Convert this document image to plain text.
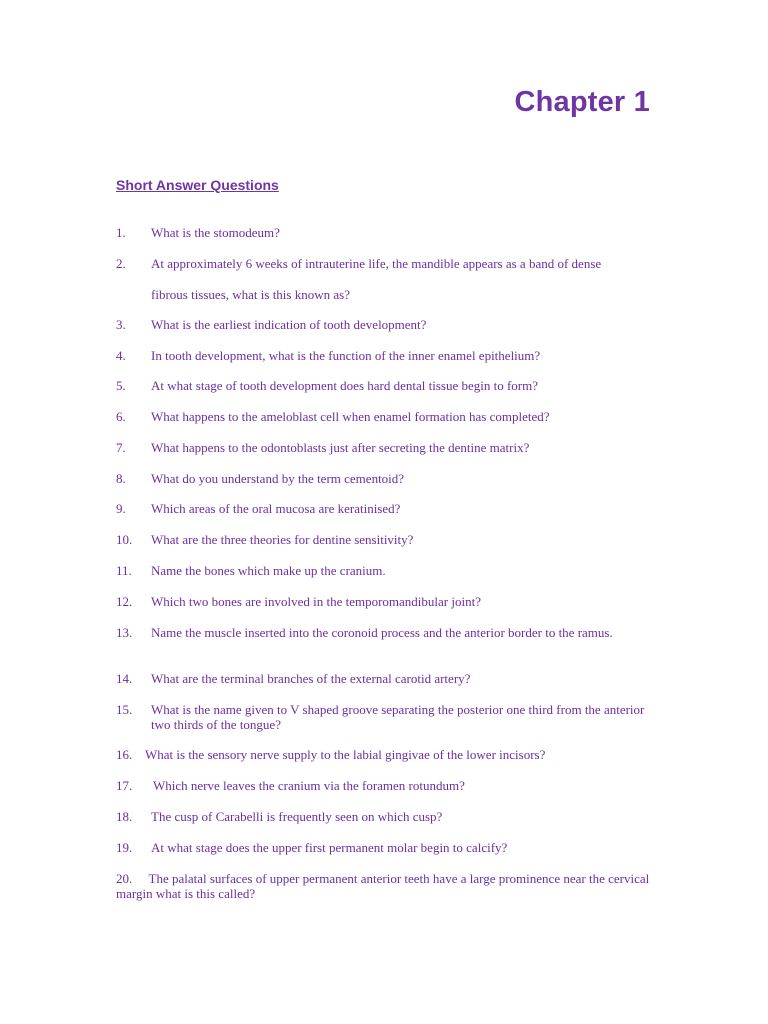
Chapter 1
Short Answer Questions
1. What is the stomodeum?
2. At approximately 6 weeks of intrauterine life, the mandible appears as a band of dense
fibrous tissues, what is this known as?
3. What is the earliest indication of tooth development?
4. In tooth development, what is the function of the inner enamel epithelium?
5. At what stage of tooth development does hard dental tissue begin to form?
6. What happens to the ameloblast cell when enamel formation has completed?
7. What happens to the odontoblasts just after secreting the dentine matrix?
8. What do you understand by the term cementoid?
9. Which areas of the oral mucosa are keratinised?
10. What are the three theories for dentine sensitivity?
11. Name the bones which make up the cranium.
12. Which two bones are involved in the temporomandibular joint?
13. Name the muscle inserted into the coronoid process and the anterior border to the ramus.
14. What are the terminal branches of the external carotid artery?
15. What is the name given to V shaped groove separating the posterior one third from the anterior two thirds of the tongue?
16. What is the sensory nerve supply to the labial gingivae of the lower incisors?
17. Which nerve leaves the cranium via the foramen rotundum?
18. The cusp of Carabelli is frequently seen on which cusp?
19. At what stage does the upper first permanent molar begin to calcify?
20. The palatal surfaces of upper permanent anterior teeth have a large prominence near the cervical margin what is this called?
